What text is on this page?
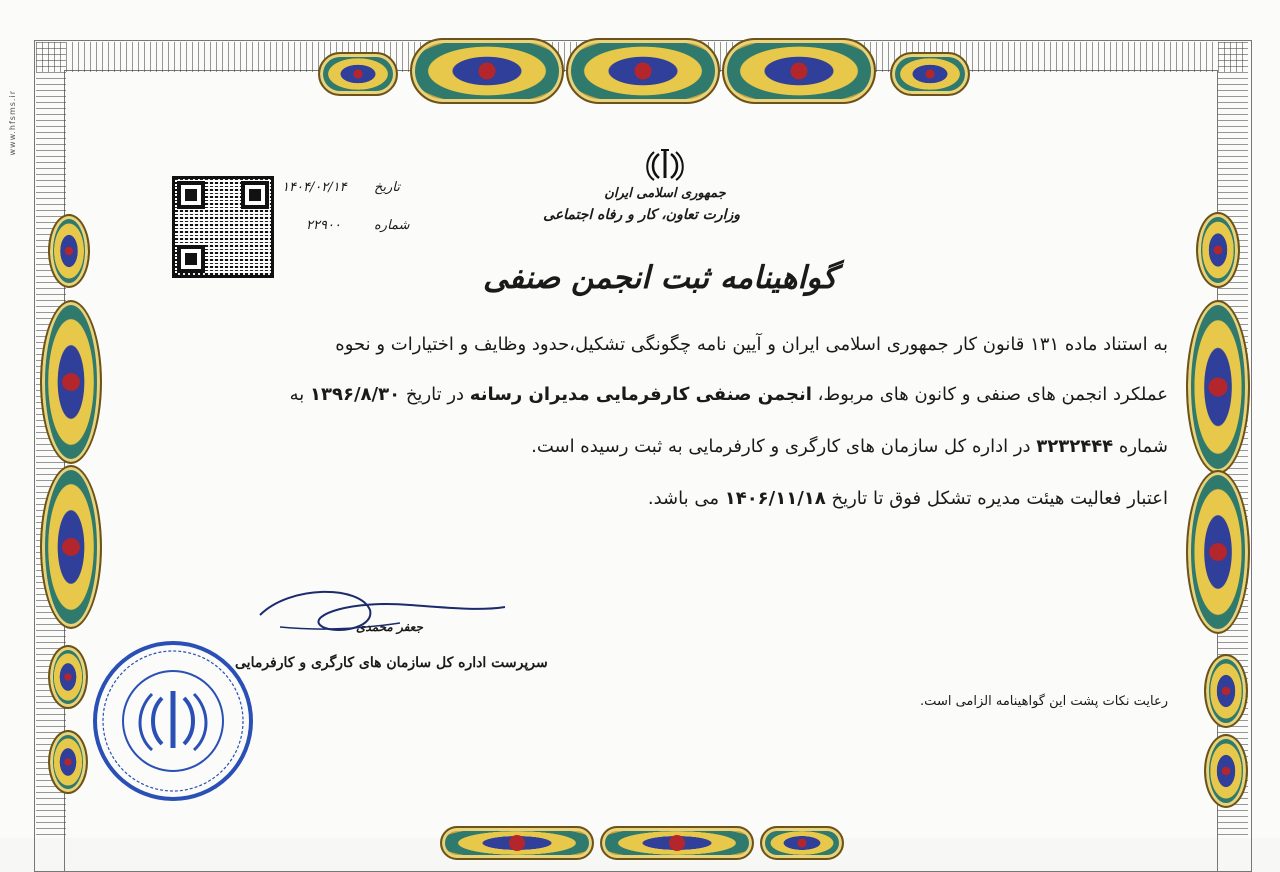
www.hfsms.ir
جمهوری اسلامی ایران
وزارت تعاون، کار و رفاه اجتماعی
تاریخ
۱۴۰۴/۰۲/۱۴
شماره
۲۲۹۰۰
گواهینامه ثبت انجمن صنفی
به استناد ماده ۱۳۱ قانون کار جمهوری اسلامی ایران و آیین نامه چگونگی تشکیل،حدود وظایف و اختیارات و نحوه
عملکرد انجمن های صنفی و کانون های مربوط، انجمن صنفی کارفرمایی مدیران رسانه در تاریخ ۱۳۹۶/۸/۳۰ به
شماره ۳۲۳۲۴۴۴ در اداره کل سازمان های کارگری و کارفرمایی به ثبت رسیده است.
اعتبار فعالیت هیئت مدیره تشکل فوق تا تاریخ ۱۴۰۶/۱۱/۱۸ می باشد.
جعفر محمدی
سرپرست اداره کل سازمان های کارگری و کارفرمایی
رعایت نکات پشت این گواهینامه الزامی است.
